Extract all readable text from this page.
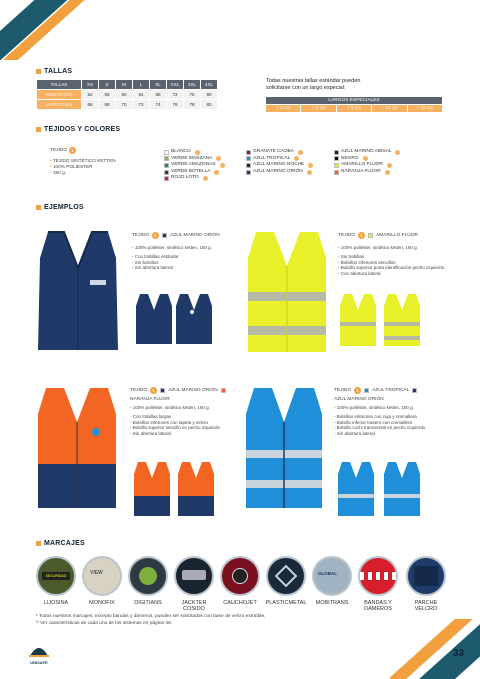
TALLAS
TALLAS	XS	S	M	L	XL	XXL	3XL	4XL
ANCHO (cm)	52	56	60	64	68	72	76	80
LARGO (cm)	66	68	70	72	74	76	78	80
Todas nuestras tallas estándar pueden solicitarse con un largo especial:
LARGOS ESPECIALES
+ 3 cm	+ 6 cm	+ 9 cm	+ 12 cm	+ 15 cm
TEJIDOS Y COLORES
TEJIDO 1
• TEJIDO SINTÉTICO KETTEN
• 100% POLIÉSTER
• 150 g.
BLANCO
VERDE MANZANA
VERDE AMAZONAS
VERDE BOTELLA
ROJO LOTO
GRANATE CAOBA
AZUL TROPICAL
AZUL MARINO NOCHE
AZUL MARINO ORIÓN
AZUL MARINO ABISAL
NEGRO
AMARILLO FLÚOR
NARANJA FLÚOR
EJEMPLOS
TEJIDO	1	AZUL MARINO ORIÓN
• 100% poliéster, sintético ketten, 150 g.
- Con trabillas estándar
- Sin bolsillos
- Sin abertura lateral
TEJIDO	1	AMARILLO FLÚOR
• 100% poliéster, sintético ketten, 150 g.
- Sin trabillas
- Bolsillos inferiores sencillos
- Bolsillo superior porta identificación pecho izquierdo
- Con abertura lateral
TEJIDO	1	AZUL MARINO ORIÓN
NARANJA FLÚOR
• 100% poliéster, sintético ketten, 150 g.
- Con trabillas largas
- Bolsillos inferiores con tapeta y velcro
- Bolsillo superior sencillo en pecho izquierdo
- Sin abertura lateral
TEJIDO	1	AZUL TROPICAL
AZUL MARINO ORIÓN
• 100% poliéster, sintético ketten, 150 g.
- Bolsillos inferiores con cuja y cremallera
- Bolsillo inferior trasero con cremallera
- Bolsillo cuchi transversal en pecho izquierdo
- Sin abertura lateral
MARCAJES
SEGURIDAD
LIJOSINA
VIEW
MONOFIX	DIGITIANS	JACKTER COSIDO
CAUCHOJET	PLASTICMETAL
GLOBAL
MOBITRANS	BANDAS Y DAMEROS
PARCHE VELCRO
¹ Todos nuestros marcajes, excepto bandas y dameros, pueden ser solicitados con base de velcro extraíble.
²⁾ Ver características de cada uno de los sistemas en página 48.
UNISAFE
33
